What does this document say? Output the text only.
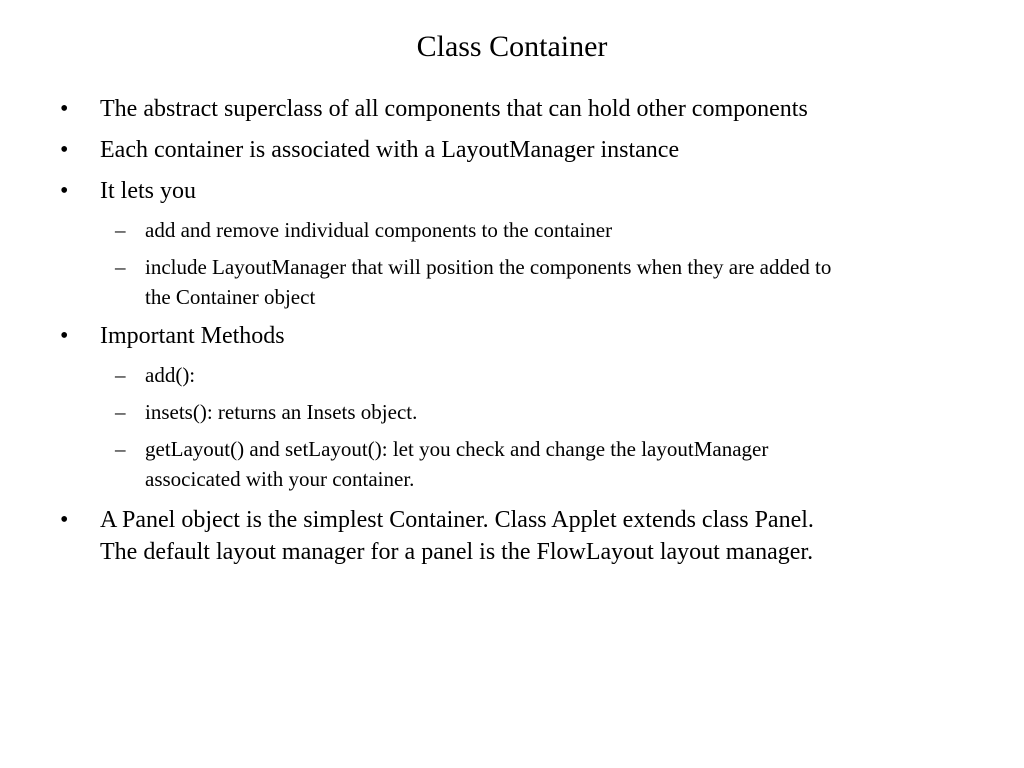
Class Container
• The abstract superclass of all components that can hold other components
• Each container is associated with a LayoutManager instance
• It lets you
– add and remove individual components to the container
– include LayoutManager that will position the components when they are added to
the Container object
• Important Methods
– add():
– insets(): returns an Insets object.
– getLayout() and setLayout(): let you check and change the layoutManager
associcated with your container.
• A Panel object is the simplest Container. Class Applet extends class Panel.
The default layout manager for a panel is the FlowLayout layout manager.
